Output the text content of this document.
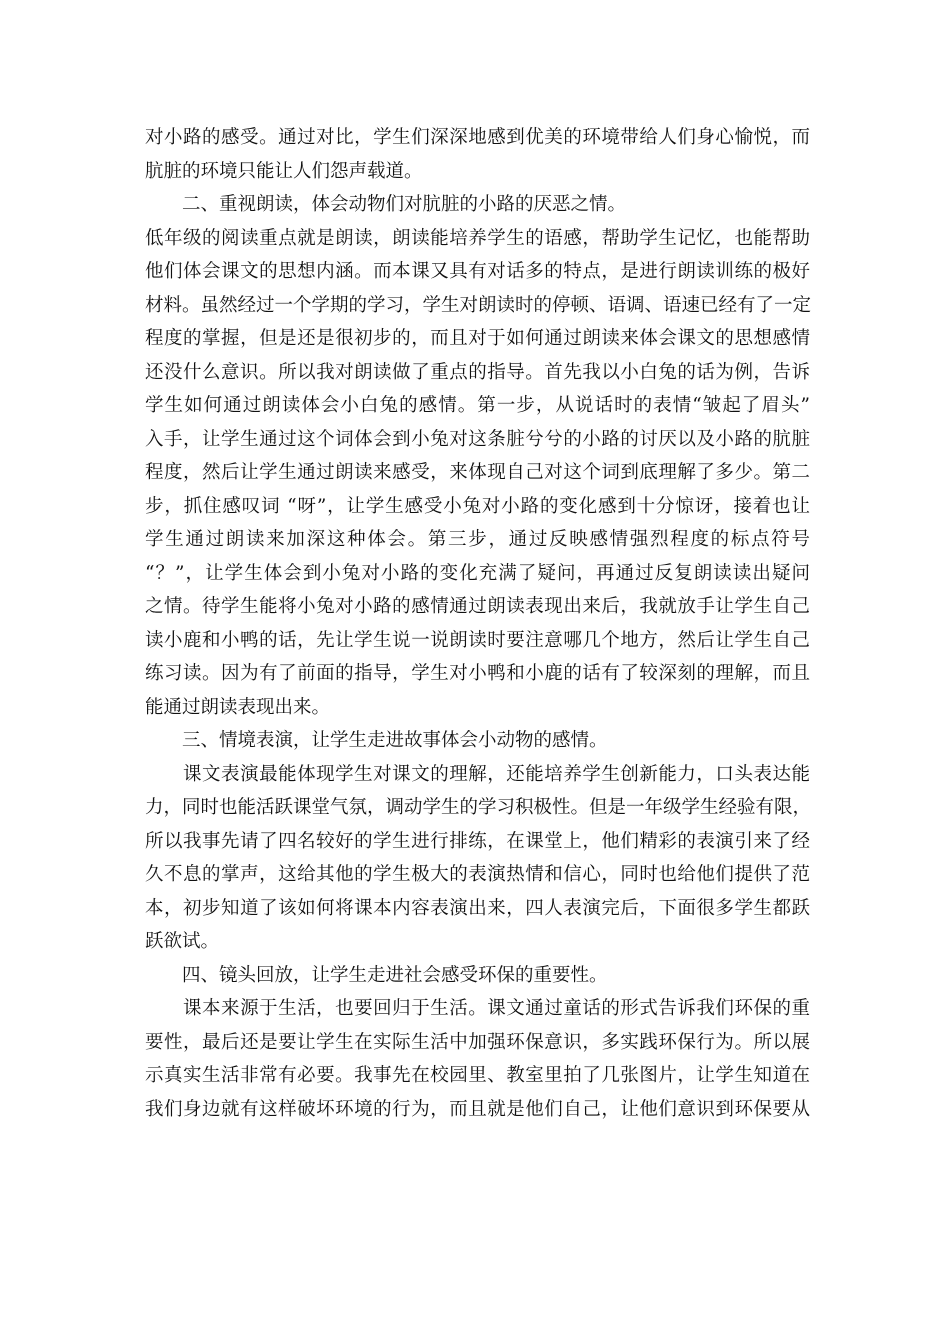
对小路的感受。通过对比，学生们深深地感到优美的环境带给人们身心愉悦，而
肮脏的环境只能让人们怨声载道。
　　二、重视朗读，体会动物们对肮脏的小路的厌恶之情。
低年级的阅读重点就是朗读，朗读能培养学生的语感，帮助学生记忆，也能帮助
他们体会课文的思想内涵。而本课又具有对话多的特点，是进行朗读训练的极好
材料。虽然经过一个学期的学习，学生对朗读时的停顿、语调、语速已经有了一定
程度的掌握，但是还是很初步的，而且对于如何通过朗读来体会课文的思想感情
还没什么意识。所以我对朗读做了重点的指导。首先我以小白兔的话为例，告诉
学生如何通过朗读体会小白兔的感情。第一步，从说话时的表情“皱起了眉头”
入手，让学生通过这个词体会到小兔对这条脏兮兮的小路的讨厌以及小路的肮脏
程度，然后让学生通过朗读来感受，来体现自己对这个词到底理解了多少。第二
步，抓住感叹词 “呀”，让学生感受小兔对小路的变化感到十分惊讶，接着也让
学生通过朗读来加深这种体会。第三步，通过反映感情强烈程度的标点符号
“？”，让学生体会到小兔对小路的变化充满了疑问，再通过反复朗读读出疑问
之情。待学生能将小兔对小路的感情通过朗读表现出来后，我就放手让学生自己
读小鹿和小鸭的话，先让学生说一说朗读时要注意哪几个地方，然后让学生自己
练习读。因为有了前面的指导，学生对小鸭和小鹿的话有了较深刻的理解，而且
能通过朗读表现出来。
　　三、情境表演，让学生走进故事体会小动物的感情。
　　课文表演最能体现学生对课文的理解，还能培养学生创新能力，口头表达能
力，同时也能活跃课堂气氛，调动学生的学习积极性。但是一年级学生经验有限，
所以我事先请了四名较好的学生进行排练，在课堂上，他们精彩的表演引来了经
久不息的掌声，这给其他的学生极大的表演热情和信心，同时也给他们提供了范
本，初步知道了该如何将课本内容表演出来，四人表演完后，下面很多学生都跃
跃欲试。
　　四、镜头回放，让学生走进社会感受环保的重要性。
　　课本来源于生活，也要回归于生活。课文通过童话的形式告诉我们环保的重
要性，最后还是要让学生在实际生活中加强环保意识，多实践环保行为。所以展
示真实生活非常有必要。我事先在校园里、教室里拍了几张图片，让学生知道在
我们身边就有这样破坏环境的行为，而且就是他们自己，让他们意识到环保要从
